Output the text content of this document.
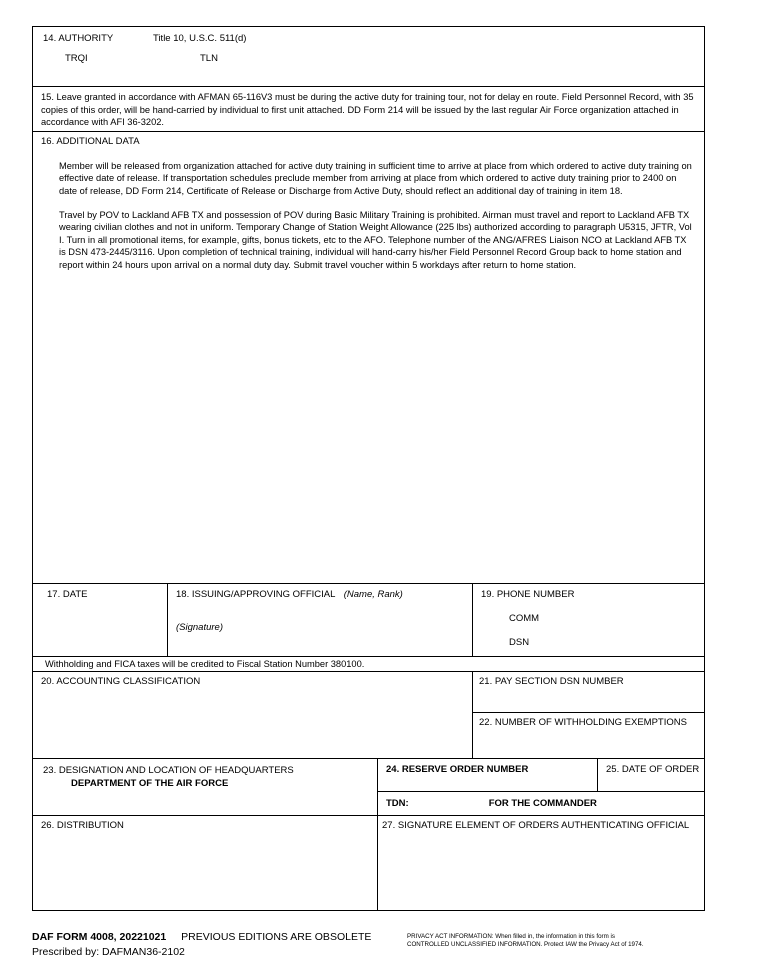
14. AUTHORITY	Title 10, U.S.C. 511(d)
TRQI	TLN

15. Leave granted in accordance with AFMAN 65-116V3 must be during the active duty for training tour, not for delay en route. Field Personnel Record, with 35 copies of this order, will be hand-carried by individual to first unit attached. DD Form 214 will be issued by the last regular Air Force organization attached in accordance with AFI 36-3202.

16. ADDITIONAL DATA

Member will be released from organization attached for active duty training in sufficient time to arrive at place from which ordered to active duty training on effective date of release. If transportation schedules preclude member from arriving at place from which ordered to active duty training prior to 2400 on date of release, DD Form 214, Certificate of Release or Discharge from Active Duty, should reflect an additional day of training in item 18.

Travel by POV to Lackland AFB TX and possession of POV during Basic Military Training is prohibited. Airman must travel and report to Lackland AFB TX wearing civilian clothes and not in uniform. Temporary Change of Station Weight Allowance (225 lbs) authorized according to paragraph U5315, JFTR, Vol I. Turn in all promotional items, for example, gifts, bonus tickets, etc to the AFO. Telephone number of the ANG/AFRES Liaison NCO at Lackland AFB TX is DSN 473-2445/3116. Upon completion of technical training, individual will hand-carry his/her Field Personnel Record Group back to home station and report within 24 hours upon arrival on a normal duty day. Submit travel voucher within 5 workdays after return to home station.

17. DATE	18. ISSUING/APPROVING OFFICIAL (Name, Rank)
(Signature)
19. PHONE NUMBER
COMM
DSN
Withholding and FICA taxes will be credited to Fiscal Station Number 380100.
20. ACCOUNTING CLASSIFICATION	21. PAY SECTION DSN NUMBER
22. NUMBER OF WITHHOLDING EXEMPTIONS
23. DESIGNATION AND LOCATION OF HEADQUARTERS
DEPARTMENT OF THE AIR FORCE
24. RESERVE ORDER NUMBER	25. DATE OF ORDER
TDN:	FOR THE COMMANDER
26. DISTRIBUTION	27. SIGNATURE ELEMENT OF ORDERS AUTHENTICATING OFFICIAL
DAF FORM 4008, 20221021 PREVIOUS EDITIONS ARE OBSOLETE
Prescribed by: DAFMAN36-2102
PRIVACY ACT INFORMATION: When filled in, the information in this form is
CONTROLLED UNCLASSIFIED INFORMATION. Protect IAW the Privacy Act of 1974.
